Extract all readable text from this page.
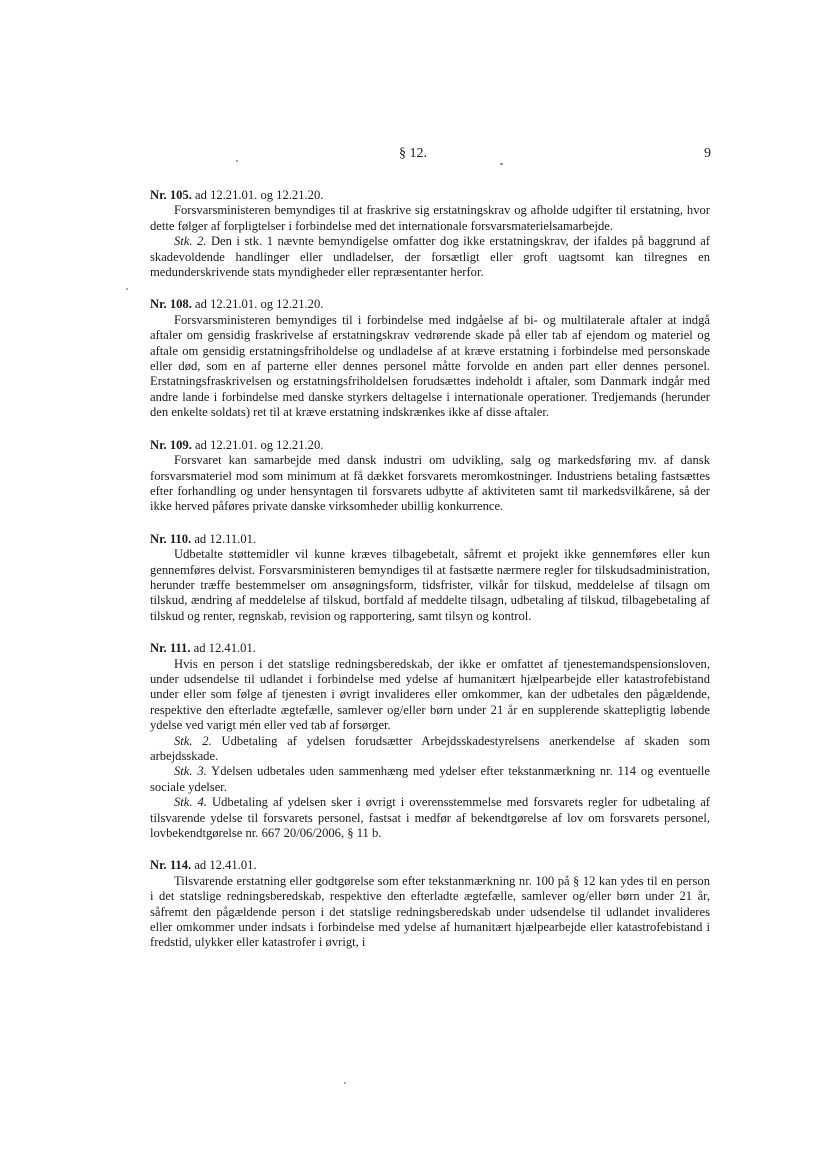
§ 12.	9
Nr. 105. ad 12.21.01. og 12.21.20.

Forsvarsministeren bemyndiges til at fraskrive sig erstatningskrav og afholde udgifter til erstatning, hvor dette følger af forpligtelser i forbindelse med det internationale forsvarsmaterielsamarbejde.

Stk. 2. Den i stk. 1 nævnte bemyndigelse omfatter dog ikke erstatningskrav, der ifaldes på baggrund af skadevoldende handlinger eller undladelser, der forsætligt eller groft uagtsomt kan tilregnes en medunderskrivende stats myndigheder eller repræsentanter herfor.

Nr. 108. ad 12.21.01. og 12.21.20.

Forsvarsministeren bemyndiges til i forbindelse med indgåelse af bi- og multilaterale aftaler at indgå aftaler om gensidig fraskrivelse af erstatningskrav vedrørende skade på eller tab af ejendom og materiel og aftale om gensidig erstatningsfriholdelse og undladelse af at kræve erstatning i forbindelse med personskade eller død, som en af parterne eller dennes personel måtte forvolde en anden part eller dennes personel. Erstatningsfraskrivelsen og erstatningsfriholdelsen forudsættes indeholdt i aftaler, som Danmark indgår med andre lande i forbindelse med danske styrkers deltagelse i internationale operationer. Tredjemands (herunder den enkelte soldats) ret til at kræve erstatning indskrænkes ikke af disse aftaler.

Nr. 109. ad 12.21.01. og 12.21.20.

Forsvaret kan samarbejde med dansk industri om udvikling, salg og markedsføring mv. af dansk forsvarsmateriel mod som minimum at få dækket forsvarets meromkostninger. Industriens betaling fastsættes efter forhandling og under hensyntagen til forsvarets udbytte af aktiviteten samt til markedsvilkårene, så der ikke herved påføres private danske virksomheder ubillig konkurrence.

Nr. 110. ad 12.11.01.

Udbetalte støttemidler vil kunne kræves tilbagebetalt, såfremt et projekt ikke gennemføres eller kun gennemføres delvist. Forsvarsministeren bemyndiges til at fastsætte nærmere regler for tilskudsadministration, herunder træffe bestemmelser om ansøgningsform, tidsfrister, vilkår for tilskud, meddelelse af tilsagn om tilskud, ændring af meddelelse af tilskud, bortfald af meddelte tilsagn, udbetaling af tilskud, tilbagebetaling af tilskud og renter, regnskab, revision og rapportering, samt tilsyn og kontrol.

Nr. 111. ad 12.41.01.

Hvis en person i det statslige redningsberedskab, der ikke er omfattet af tjenestemandspensionsloven, under udsendelse til udlandet i forbindelse med ydelse af humanitært hjælpearbejde eller katastrofebistand under eller som følge af tjenesten i øvrigt invalideres eller omkommer, kan der udbetales den pågældende, respektive den efterladte ægtefælle, samlever og/eller børn under 21 år en supplerende skattepligtig løbende ydelse ved varigt mén eller ved tab af forsørger.

Stk. 2. Udbetaling af ydelsen forudsætter Arbejdsskadestyrelsens anerkendelse af skaden som arbejdsskade.

Stk. 3. Ydelsen udbetales uden sammenhæng med ydelser efter tekstanmærkning nr. 114 og eventuelle sociale ydelser.

Stk. 4. Udbetaling af ydelsen sker i øvrigt i overensstemmelse med forsvarets regler for udbetaling af tilsvarende ydelse til forsvarets personel, fastsat i medfør af bekendtgørelse af lov om forsvarets personel, lovbekendtgørelse nr. 667 20/06/2006, § 11 b.

Nr. 114. ad 12.41.01.

Tilsvarende erstatning eller godtgørelse som efter tekstanmærkning nr. 100 på § 12 kan ydes til en person i det statslige redningsberedskab, respektive den efterladte ægtefælle, samlever og/eller børn under 21 år, såfremt den pågældende person i det statslige redningsberedskab under udsendelse til udlandet invalideres eller omkommer under indsats i forbindelse med ydelse af humanitært hjælpearbejde eller katastrofebistand i fredstid, ulykker eller katastrofer i øvrigt, i
